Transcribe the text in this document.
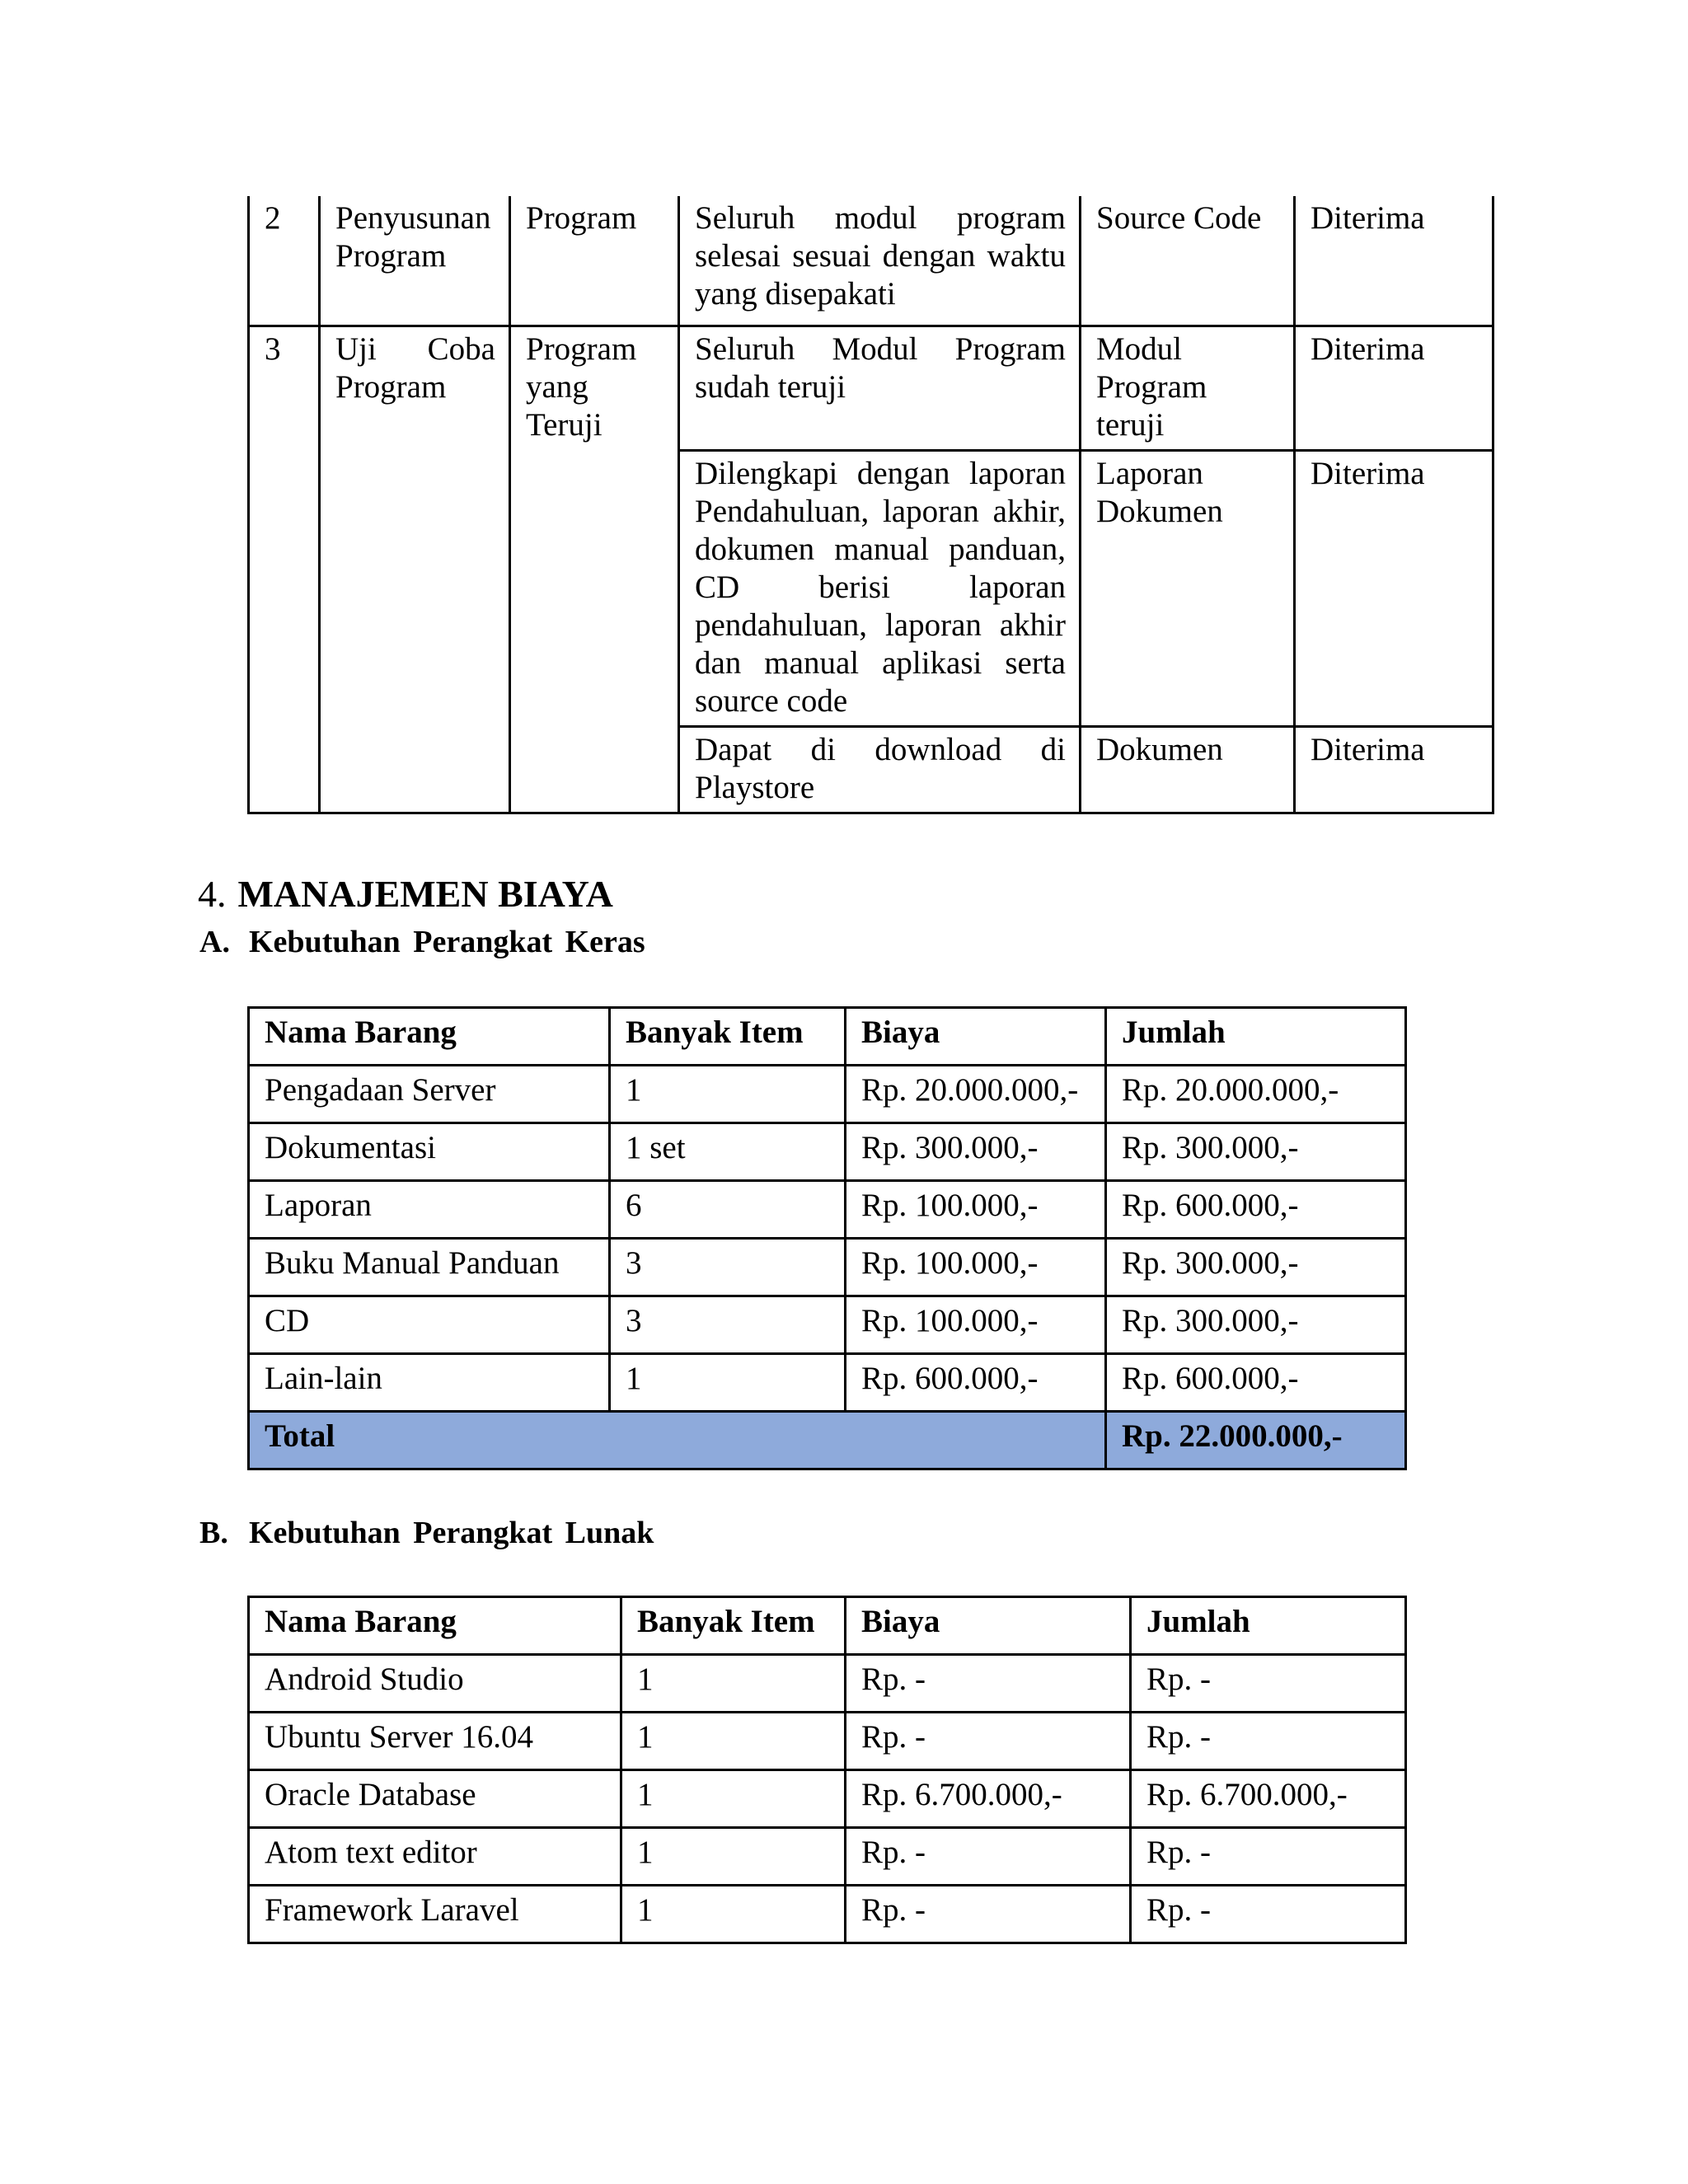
2	Penyusunan Program	Program	Seluruh modul program selesai sesuai dengan waktu yang disepakati	Source Code	Diterima
3	Uji Coba Program	Program yang Teruji	Seluruh Modul Program sudah teruji	Modul Program teruji	Diterima
			Dilengkapi dengan laporan Pendahuluan, laporan akhir, dokumen manual panduan, CD berisi laporan pendahuluan, laporan akhir dan manual aplikasi serta source code	Laporan Dokumen	Diterima
			Dapat di download di Playstore	Dokumen	Diterima
4. MANAJEMEN BIAYA
A. Kebutuhan Perangkat Keras
Nama Barang	Banyak Item	Biaya	Jumlah
Pengadaan Server	1	Rp. 20.000.000,-	Rp. 20.000.000,-
Dokumentasi	1 set	Rp. 300.000,-	Rp. 300.000,-
Laporan	6	Rp. 100.000,-	Rp. 600.000,-
Buku Manual Panduan	3	Rp. 100.000,-	Rp. 300.000,-
CD	3	Rp. 100.000,-	Rp. 300.000,-
Lain-lain	1	Rp. 600.000,-	Rp. 600.000,-
Total			Rp. 22.000.000,-
B. Kebutuhan Perangkat Lunak
Nama Barang	Banyak Item	Biaya	Jumlah
Android Studio	1	Rp. -	Rp. -
Ubuntu Server 16.04	1	Rp. -	Rp. -
Oracle Database	1	Rp. 6.700.000,-	Rp. 6.700.000,-
Atom text editor	1	Rp. -	Rp. -
Framework Laravel	1	Rp. -	Rp. -
